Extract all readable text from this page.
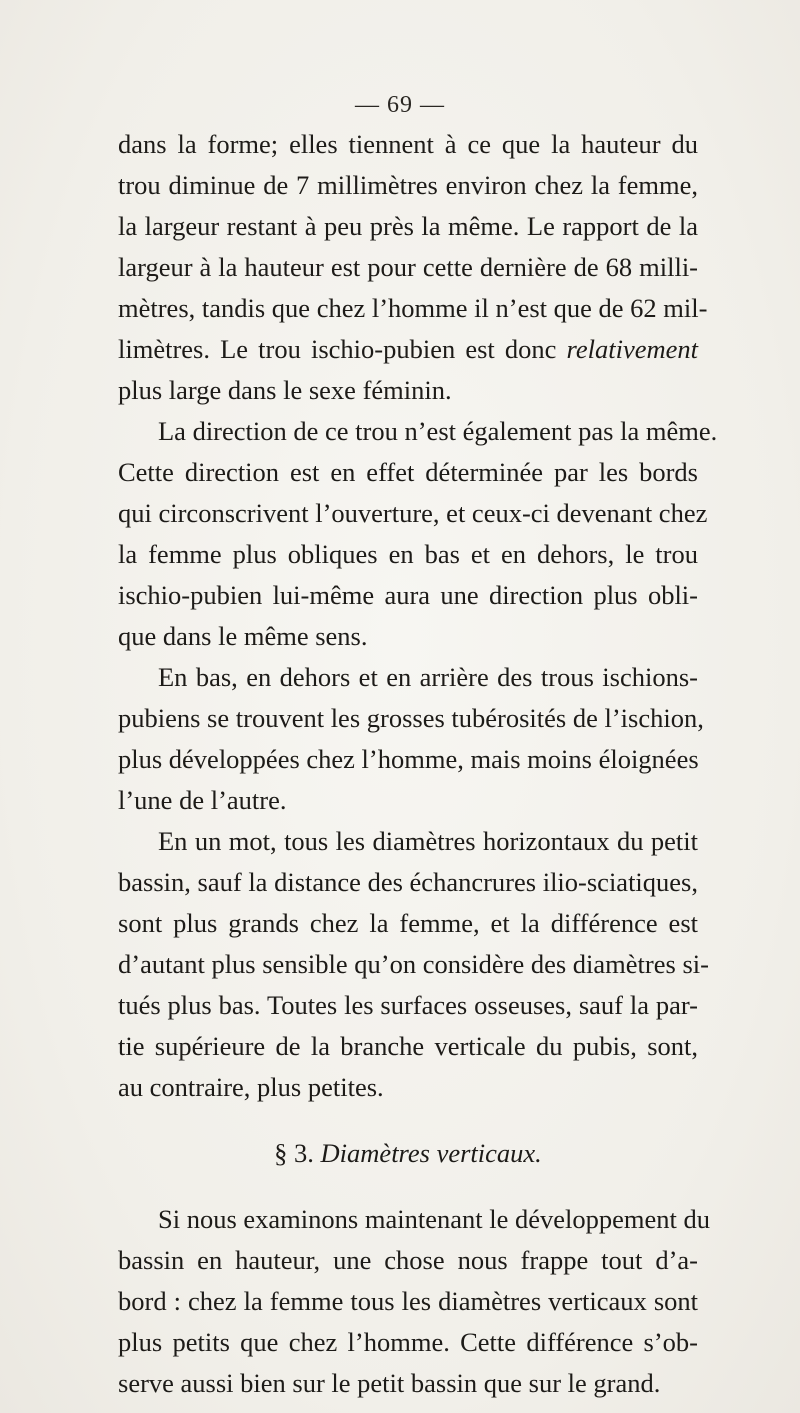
— 69 —
dans la forme; elles tiennent à ce que la hauteur du
trou diminue de 7 millimètres environ chez la femme,
la largeur restant à peu près la même. Le rapport de la
largeur à la hauteur est pour cette dernière de 68 milli-
mètres, tandis que chez l’homme il n’est que de 62 mil-
limètres. Le trou ischio-pubien est donc relativement
plus large dans le sexe féminin.
La direction de ce trou n’est également pas la même.
Cette direction est en effet déterminée par les bords
qui circonscrivent l’ouverture, et ceux-ci devenant chez
la femme plus obliques en bas et en dehors, le trou
ischio-pubien lui-même aura une direction plus obli-
que dans le même sens.
En bas, en dehors et en arrière des trous ischions-
pubiens se trouvent les grosses tubérosités de l’ischion,
plus développées chez l’homme, mais moins éloignées
l’une de l’autre.
En un mot, tous les diamètres horizontaux du petit
bassin, sauf la distance des échancrures ilio-sciatiques,
sont plus grands chez la femme, et la différence est
d’autant plus sensible qu’on considère des diamètres si-
tués plus bas. Toutes les surfaces osseuses, sauf la par-
tie supérieure de la branche verticale du pubis, sont,
au contraire, plus petites.
§ 3. Diamètres verticaux.
Si nous examinons maintenant le développement du
bassin en hauteur, une chose nous frappe tout d’a-
bord : chez la femme tous les diamètres verticaux sont
plus petits que chez l’homme. Cette différence s’ob-
serve aussi bien sur le petit bassin que sur le grand.
